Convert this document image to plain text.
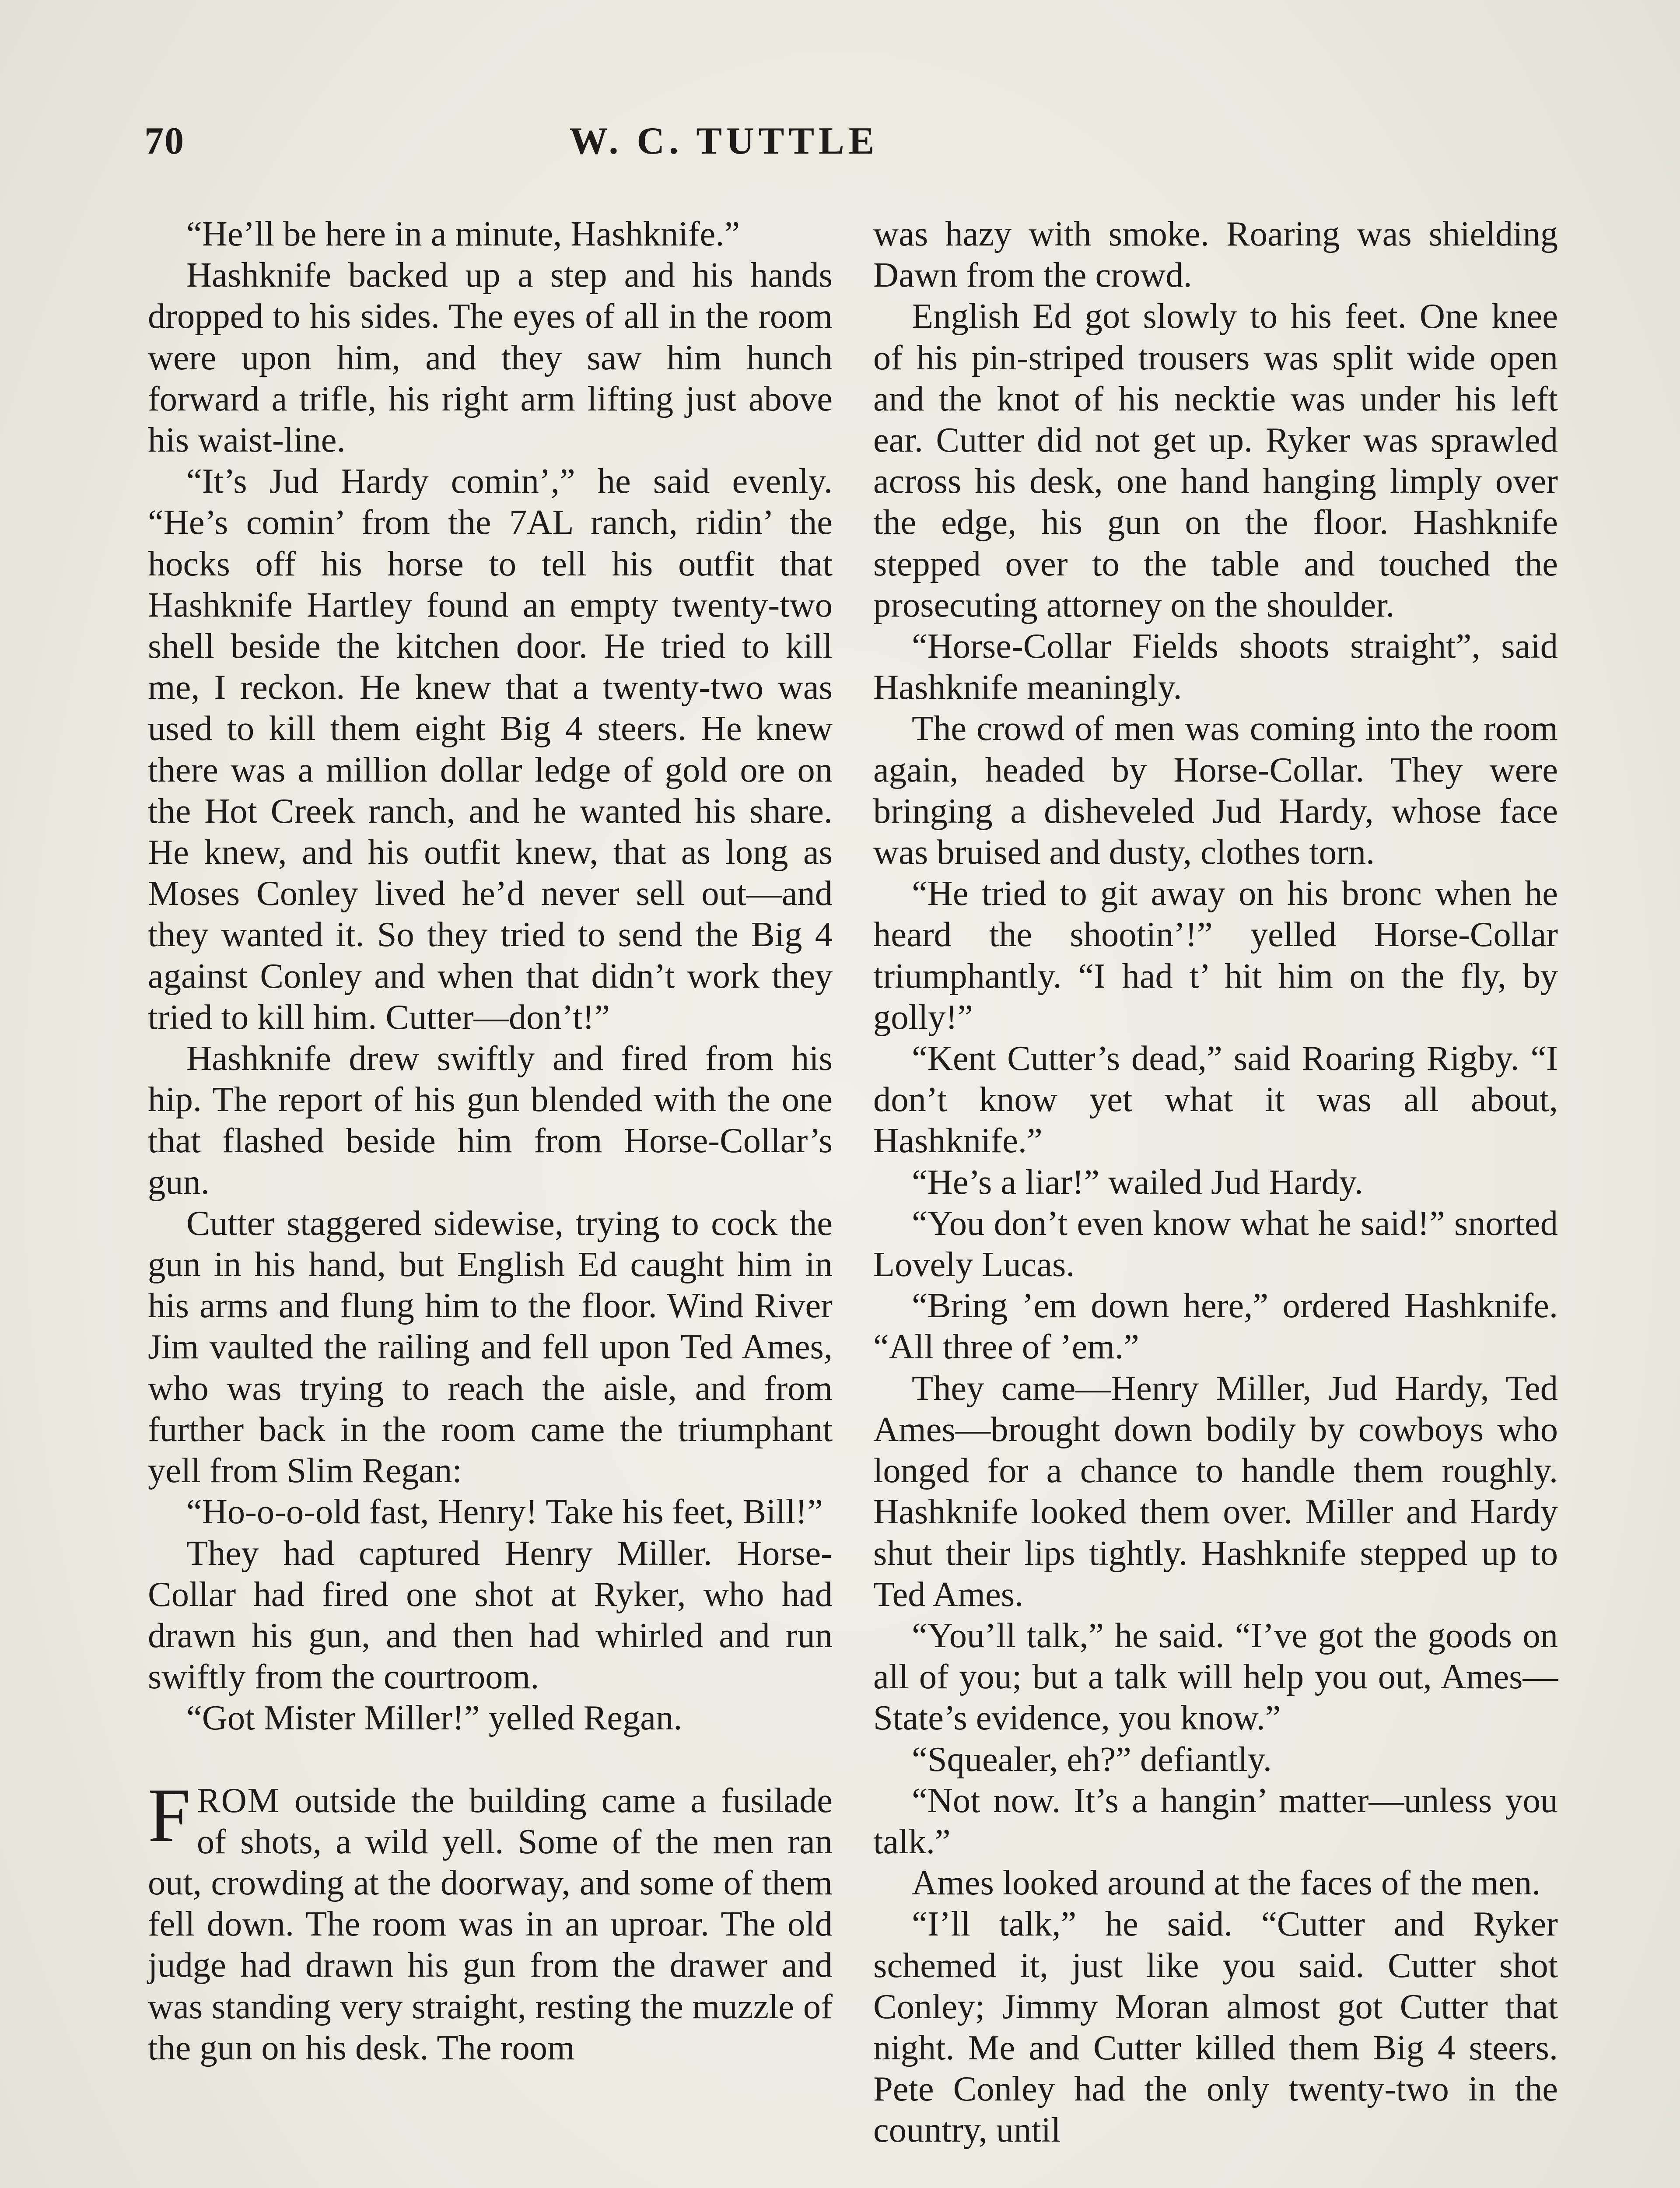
70	W. C. TUTTLE

“He’ll be here in a minute, Hashknife.”

Hashknife backed up a step and his hands dropped to his sides. The eyes of all in the room were upon him, and they saw him hunch forward a trifle, his right arm lifting just above his waist-line.

“It’s Jud Hardy comin’,” he said evenly. “He’s comin’ from the 7AL ranch, ridin’ the hocks off his horse to tell his outfit that Hashknife Hartley found an empty twenty-two shell beside the kitchen door. He tried to kill me, I reckon. He knew that a twenty-two was used to kill them eight Big 4 steers. He knew there was a million dollar ledge of gold ore on the Hot Creek ranch, and he wanted his share. He knew, and his outfit knew, that as long as Moses Conley lived he’d never sell out—and they wanted it. So they tried to send the Big 4 against Conley and when that didn’t work they tried to kill him. Cutter—don’t!”

Hashknife drew swiftly and fired from his hip. The report of his gun blended with the one that flashed beside him from Horse-Collar’s gun.

Cutter staggered sidewise, trying to cock the gun in his hand, but English Ed caught him in his arms and flung him to the floor. Wind River Jim vaulted the railing and fell upon Ted Ames, who was trying to reach the aisle, and from further back in the room came the triumphant yell from Slim Regan:

“Ho-o-o-old fast, Henry! Take his feet, Bill!”

They had captured Henry Miller. Horse-Collar had fired one shot at Ryker, who had drawn his gun, and then had whirled and run swiftly from the courtroom.

“Got Mister Miller!” yelled Regan.

FROM outside the building came a fusilade of shots, a wild yell. Some of the men ran out, crowding at the doorway, and some of them fell down. The room was in an uproar. The old judge had drawn his gun from the drawer and was standing very straight, resting the muzzle of the gun on his desk. The room

was hazy with smoke. Roaring was shielding Dawn from the crowd.

English Ed got slowly to his feet. One knee of his pin-striped trousers was split wide open and the knot of his necktie was under his left ear. Cutter did not get up. Ryker was sprawled across his desk, one hand hanging limply over the edge, his gun on the floor. Hashknife stepped over to the table and touched the prosecuting attorney on the shoulder.

“Horse-Collar Fields shoots straight”, said Hashknife meaningly.

The crowd of men was coming into the room again, headed by Horse-Collar. They were bringing a disheveled Jud Hardy, whose face was bruised and dusty, clothes torn.

“He tried to git away on his bronc when he heard the shootin’!” yelled Horse-Collar triumphantly. “I had t’ hit him on the fly, by golly!”

“Kent Cutter’s dead,” said Roaring Rigby. “I don’t know yet what it was all about, Hashknife.”

“He’s a liar!” wailed Jud Hardy.

“You don’t even know what he said!” snorted Lovely Lucas.

“Bring ’em down here,” ordered Hashknife. “All three of ’em.”

They came—Henry Miller, Jud Hardy, Ted Ames—brought down bodily by cowboys who longed for a chance to handle them roughly. Hashknife looked them over. Miller and Hardy shut their lips tightly. Hashknife stepped up to Ted Ames.

“You’ll talk,” he said. “I’ve got the goods on all of you; but a talk will help you out, Ames—State’s evidence, you know.”

“Squealer, eh?” defiantly.

“Not now. It’s a hangin’ matter—unless you talk.”

Ames looked around at the faces of the men.

“I’ll talk,” he said. “Cutter and Ryker schemed it, just like you said. Cutter shot Conley; Jimmy Moran almost got Cutter that night. Me and Cutter killed them Big 4 steers. Pete Conley had the only twenty-two in the country, until
